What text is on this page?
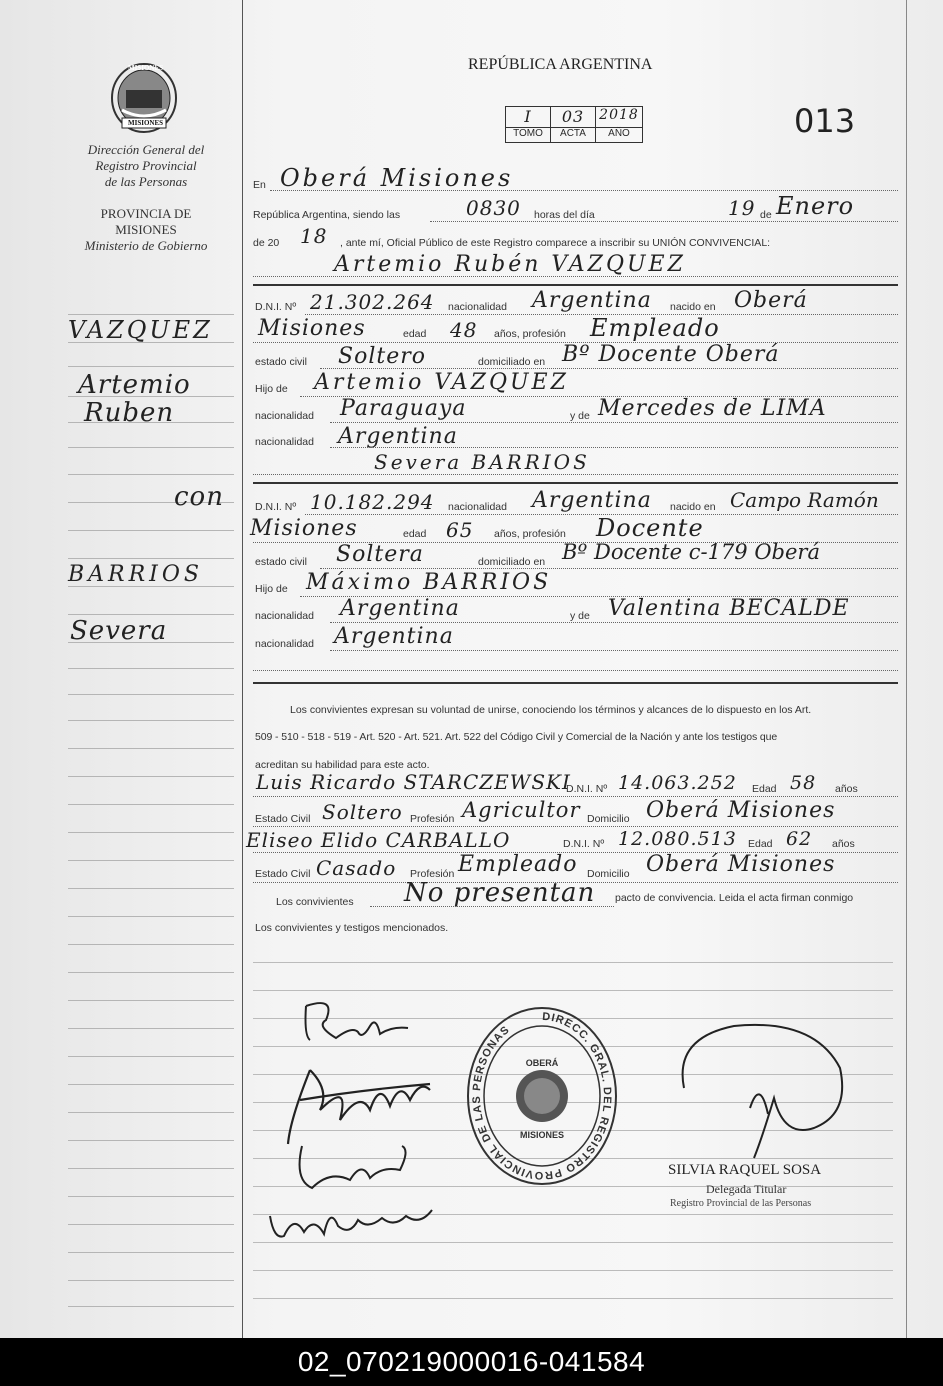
MISIONES
MISIONES
Dirección General del
Registro Provincial
de las Personas
PROVINCIA DE
MISIONES
Ministerio de Gobierno
VAZQUEZ
Artemio
Ruben
con
BARRIOS
Severa
REPÚBLICA ARGENTINA
I	03	2018
TOMO	ACTA	AÑO	013
En Oberá Misiones
República Argentina, siendo las	0830 horas del día	19 de Enero
de 20 18 , ante mí, Oficial Público de este Registro comparece a inscribir su UNIÓN CONVIVENCIAL:
Artemio Rubén VAZQUEZ
D.N.I. Nº 21.302.264 nacionalidad Argentina nacido en Oberá
Misiones	edad 48 años, profesión Empleado
estado civil Soltero	domiciliado en Bº Docente Oberá
Hijo de Artemio VAZQUEZ
nacionalidad Paraguaya	y de Mercedes de LIMA
nacionalidad Argentina
Severa BARRIOS
D.N.I. Nº 10.182.294 nacionalidad Argentina nacido en Campo Ramón
Misiones	edad 65 años, profesión Docente
estado civil Soltera	domiciliado en Bº Docente c-179 Oberá
Hijo de Máximo BARRIOS
nacionalidad Argentina	y de Valentina BECALDE
nacionalidad Argentina
Los convivientes expresan su voluntad de unirse, conociendo los términos y alcances de lo dispuesto en los Art.
509 - 510 - 518 - 519 - Art. 520 - Art. 521. Art. 522 del Código Civil y Comercial de la Nación y ante los testigos que
acreditan su habilidad para este acto.
Luis Ricardo STARCZEWSKI
D.N.I. Nº 14.063.252 Edad 58 años
Estado Civil Soltero Profesión Agricultor Domicilio Oberá Misiones
Eliseo Elido CARBALLO	D.N.I. Nº 12.080.513 Edad 62 años
Estado Civil Casado Profesión Empleado Domicilio Oberá Misiones
Los convivientes No presentan pacto de convivencia. Leida el acta firman conmigo
Los convivientes y testigos mencionados.
DIRECC. GRAL. DEL REGISTRO PROVINCIAL DE LAS PERSONAS
OBERÁ
MISIONES
SILVIA RAQUEL SOSA
Delegada Titular
Registro Provincial de las Personas
02_070219000016-041584
